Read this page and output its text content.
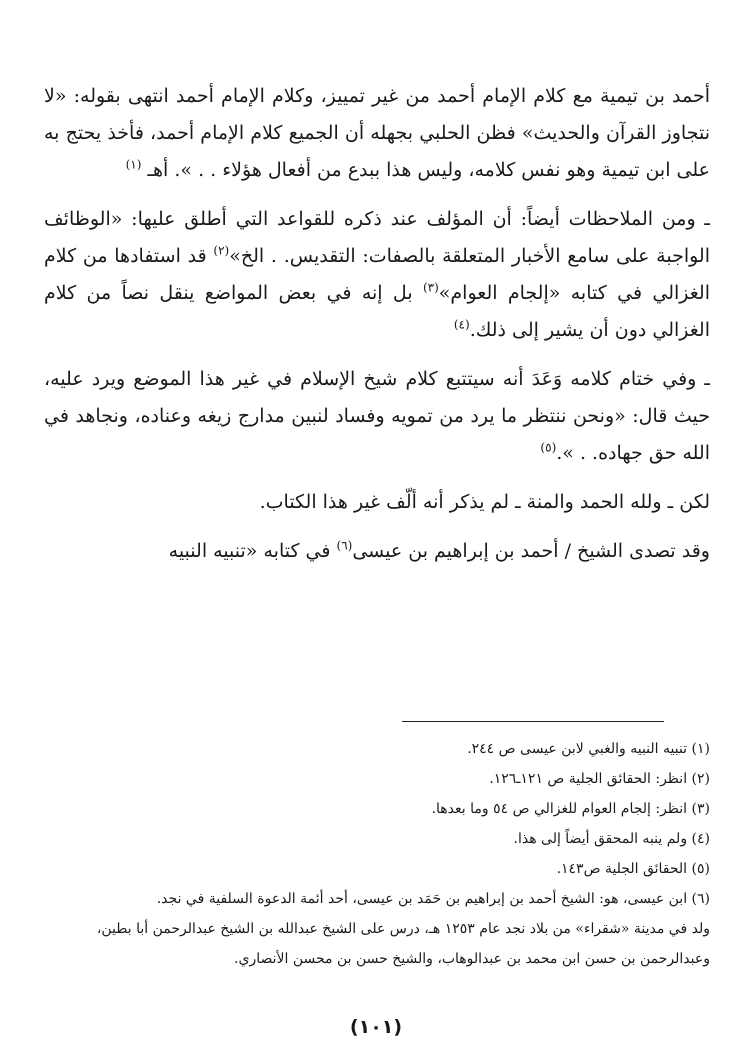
أحمد بن تيمية مع كلام الإمام أحمد من غير تمييز، وكلام الإمام أحمد انتهى بقوله: «لا نتجاوز القرآن والحديث» فظن الحلبي بجهله أن الجميع كلام الإمام أحمد، فأخذ يحتج به على ابن تيمية وهو نفس كلامه، وليس هذا ببدع من أفعال هؤلاء . . ». أهـ $^{(١)}$

ـ ومن الملاحظات أيضاً: أن المؤلف عند ذكره للقواعد التي أطلق عليها: «الوظائف الواجبة على سامع الأخبار المتعلقة بالصفات: التقديس. . الخ»$^{(٢)}$ قد استفادها من كلام الغزالي في كتابه «إلجام العوام»$^{(٣)}$ بل إنه في بعض المواضع ينقل نصاً من كلام الغزالي دون أن يشير إلى ذلك.$^{(٤)}$

ـ وفي ختام كلامه وَعَدَ أنه سيتتبع كلام شيخ الإسلام في غير هذا الموضع ويرد عليه، حيث قال: «ونحن ننتظر ما يرد من تمويه وفساد لنبين مدارج زيغه وعناده، ونجاهد في الله حق جهاده. . ».$^{(٥)}$

لكن ـ ولله الحمد والمنة ـ لم يذكر أنه ألّف غير هذا الكتاب.

وقد تصدى الشيخ / أحمد بن إبراهيم بن عيسى$^{(٦)}$ في كتابه «تنبيه النبيه

(١) تنبيه النبيه والغبي لابن عيسى ص ٢٤٤.

(٢) انظر: الحقائق الجلية ص ١٢١ـ١٢٦.

(٣) انظر: إلجام العوام للغزالي ص ٥٤ وما بعدها.

(٤) ولم ينبه المحقق أيضاً إلى هذا.

(٥) الحقائق الجلية ص١٤٣.

(٦) ابن عيسى، هو: الشيخ أحمد بن إبراهيم بن حَمَد بن عيسى، أحد أئمة الدعوة السلفية في نجد.

ولد في مدينة «شقراء» من بلاد نجد عام ١٢٥٣ هـ، درس على الشيخ عبدالله بن الشيخ عبدالرحمن أبا بطين،

وعبدالرحمن بن حسن ابن محمد بن عبدالوهاب، والشيخ حسن بن محسن الأنصاري.

(١٠١)
